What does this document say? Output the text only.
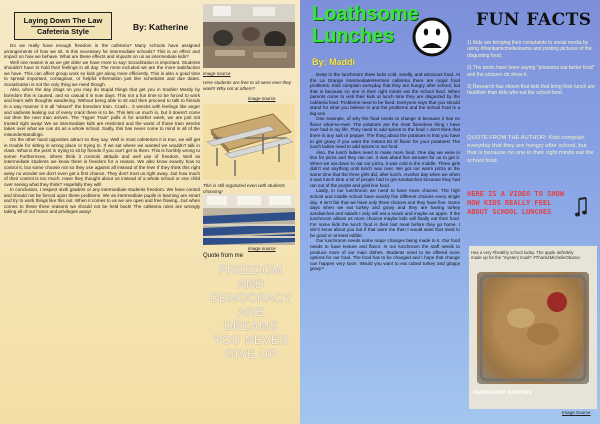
Laying Down The Law
Cafeteria Style	By: Katherine

Do we really have enough freedom in the cafeteria? Many schools have assigned arrangements of how we sit. Is this necessary for intermediate schools? This is an effect and impact on how we behave. What are these effects and impacts on us as intermediate kids?

Well one reason is as we get older we have more to say! Socialization is important. Students shouldn't have to hold their feelings in all day. The more included we are the more satisfaction we have. This can affect group work so kids get along more efficiently. This is also a good time to spread important, contagious, or helpful information just like schedules and due dates. Socialization is not the only thing we need though.

Also, when the day drags on you may do stupid things that get you in trouble! Mostly by boredom this is caused, and so casual it is now days. This not a fun time to be forced to work and learn with thoughts wandering. Without being able to sit and then proceed to talk to friends in a way manner it is all "absurd" the boredom train. Crash... it wrecks with feelings like anger and sadness leaking out of every crack there is to be. This lets us much in, but it doesn't come out then the next train arrives. The "Hyper Train" pulls in for another week, we are just not trusted right away! We as intermediate kids are restricted and the worst of those train wrecks takes over what we can do as a whole school. Sadly, this has never come to mind in all of the misunderstandings.

On the other hand opposites attract so they say. Well in most cafeteria's it is true, we will get in trouble for sitting in wrong place or trying to. If we sat where we wanted we wouldn't talk in class. What is the point in trying to sit by friends if you can't get to them. This is horribly wrong to some! Furthermore, others think it controls attitude and well use of freedom. Well as intermediate students we know there is freedom for a reason. We also know exactly how to control it, but some choose not so they use against all instead of the few! If they think this right away no wonder we don't even get a first chance. They don't trust us right away...but how much of their control is too much. Have they thought about us instead of a whole school or one child over seeing what they think? Hopefully they will!

In conclusion, I respect sixth graders or any intermediate students freedom. We have control and should not be forced upon these problems. We as intermediate pupils in learning are smart and try to work things like this out. When it comes to us we are open and free flowing...but when comes to these three reasons we should not be held back! The cafeteria rules are wrongly taking all of our honor and privileges away!

image source
Here students are free to sit were ever they want!! Why not at others?
image source
This is still organized even with students choosing!
image source
Quote from me
FREEDOM AND DEMOCRACY ARE DREAMS YOU NEVER GIVE UP
Loathsome
Lunches
By: Maddi

Deep in the lunchroom there lurks cold, smelly, and atrocious food. At the La Grange Intermediate/Hermes cafeteria there are major food problems. Kids complain everyday that they are hungry after school, but that is because no one in their right minds eat the school food. When parents come to visit their kids at lunch time they are disgusted by the cafeteria food. Problems need to be fixed. Everyone says that you should stand for what you believe in and the problems and the school food is a big one.

One example, of why the food needs to change is because it has no flavor what-so-ever. The potatoes are the most flavorless thing I have ever had in my life. They need to add spices to the food. I don't think that there is any salt or pepper. The thing about the potatoes is that you have to get gravy if you want the instant bit of flavor for your potatoes! The lunch ladies need to add spices to our food.

Also, the lunch ladies need to make more food. One day we were in line for pizza and they ran out. It was about five minutes for us to get it. When we sat down to eat our pizza, it was cold in the middle. Three girls didn't eat anything until lunch was over. We got our warm pizza at the same time that the three girls did, after lunch. Another day when we when it was lunch time a lot of people had to get sandwiches because they had ran out of the purple and gold line food.

Lastly, in our lunchroom we need to have more choices. The high school and middle school have exactly five different choices every single day. It isn't fair that we have only three choices and they have five. Some days when we eat turkey and gravy and they are having turkey sandwiches and salads I only will eat a snack and maybe an apple. If the lunchroom allows us more choices maybe kids will finally eat their food. For some kids the lunch food is their last meal before they go home. I don't know about you but if that were me then I would want that meal to be good or at least edible.

Our lunchroom needs some major changes being made to it. Our food needs to have texture and flavor. In our lunchroom the staff needs to produce more of our main dishes. Students need to be offered more options for our food. The food has to be changed and I hope that change can happen very soon. Would you want to eat cubed turkey and gloppy gravy?

FUN FACTS

1) Kids are bringing their complaints to social media by using #thankamichelleobama and posting pictures of the disgusting food.

2) The posts have been saying "prisoners eat better food" and the pictures do show it.

3) Research has shown that kids that bring their lunch are healthier than kids who eat the school food.

QUOTE FROM THE AUTHOR: Kids complain everyday that they are hungry after school, but that is because no one in their right minds eat the school food.
HERE IS A VIDEO TO SHOW HOW KIDS REALLY FEEL ABOUT SCHOOL LUNCHES
Has a very #healthy school today. The apple definitely made up for the "mystery mush" #ThanksMichelleObama
loathsome lunches
Image Source
